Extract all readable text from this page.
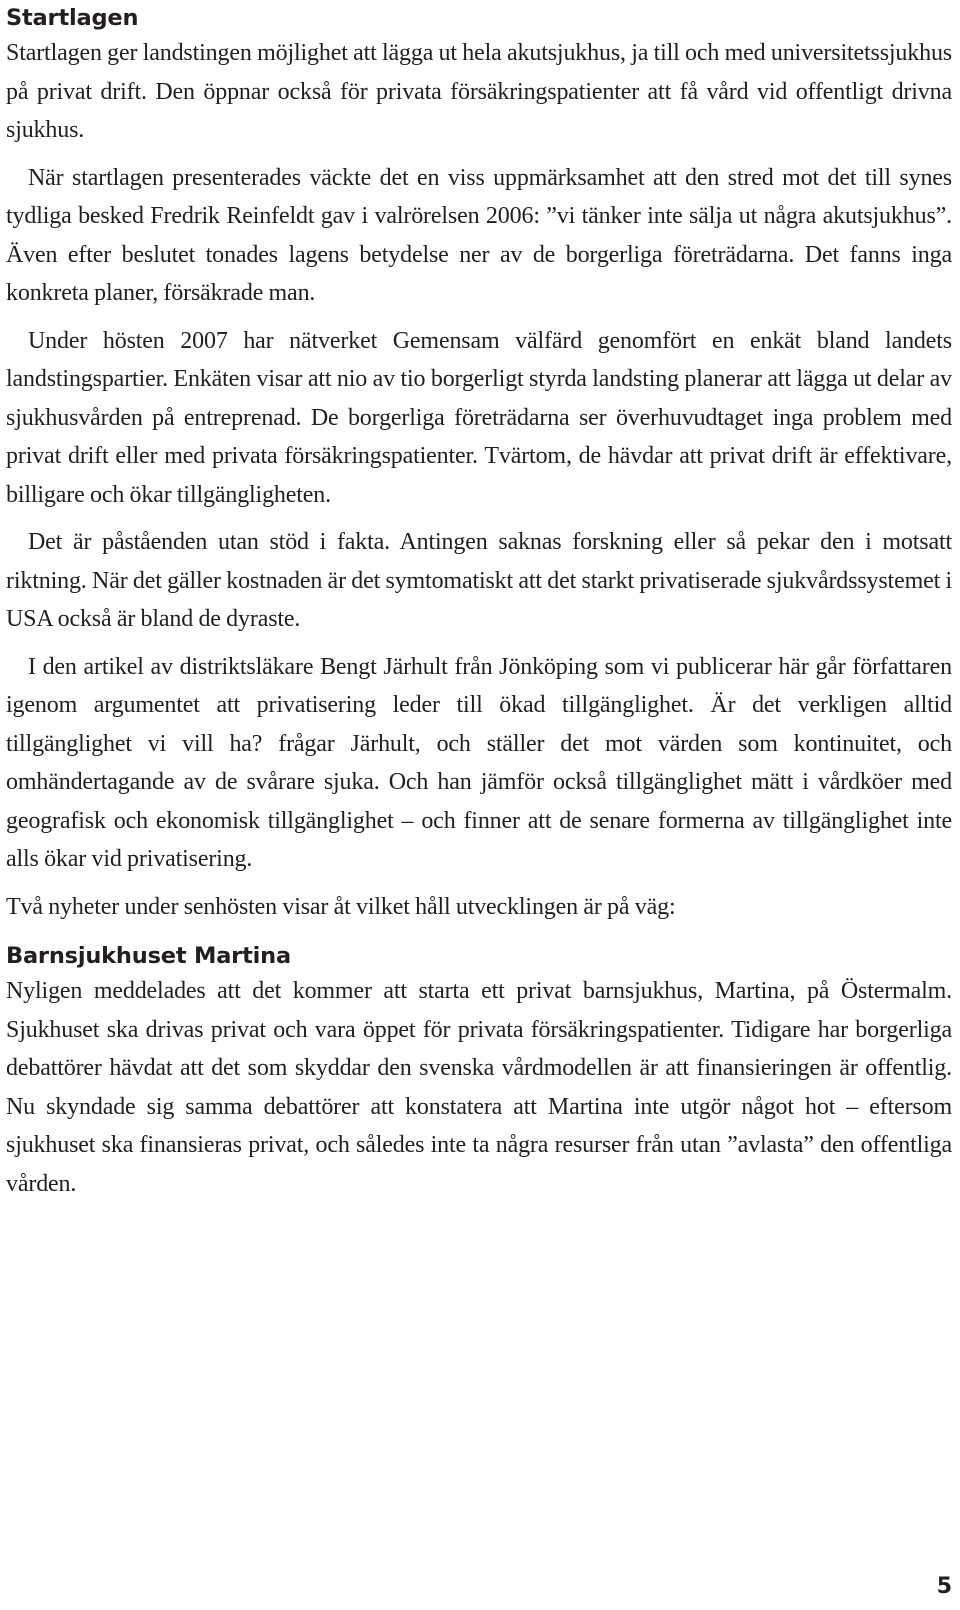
Startlagen

Startlagen ger landstingen möjlighet att lägga ut hela akutsjukhus, ja till och med universitetssjukhus på privat drift. Den öppnar också för privata försäkringspatienter att få vård vid offentligt drivna sjukhus.

När startlagen presenterades väckte det en viss uppmärksamhet att den stred mot det till synes tydliga besked Fredrik Reinfeldt gav i valrörelsen 2006: ”vi tänker inte sälja ut några akutsjukhus”. Även efter beslutet tonades lagens betydelse ner av de borgerliga företrädarna. Det fanns inga konkreta planer, försäkrade man.

Under hösten 2007 har nätverket Gemensam välfärd genomfört en enkät bland landets landstingspartier. Enkäten visar att nio av tio borgerligt styrda landsting planerar att lägga ut delar av sjukhusvården på entreprenad. De borgerliga företrädarna ser överhuvudtaget inga problem med privat drift eller med privata försäkringspatienter. Tvärtom, de hävdar att privat drift är effektivare, billigare och ökar tillgängligheten.

Det är påståenden utan stöd i fakta. Antingen saknas forskning eller så pekar den i motsatt riktning. När det gäller kostnaden är det symtomatiskt att det starkt privatiserade sjukvårdssystemet i USA också är bland de dyraste.

I den artikel av distriktsläkare Bengt Järhult från Jönköping som vi publicerar här går författaren igenom argumentet att privatisering leder till ökad tillgänglighet. Är det verkligen alltid tillgänglighet vi vill ha? frågar Järhult, och ställer det mot värden som kontinuitet, och omhändertagande av de svårare sjuka. Och han jämför också tillgänglighet mätt i vårdköer med geografisk och ekonomisk tillgänglighet – och finner att de senare formerna av tillgänglighet inte alls ökar vid privatisering.

Två nyheter under senhösten visar åt vilket håll utvecklingen är på väg:

Barnsjukhuset Martina

Nyligen meddelades att det kommer att starta ett privat barnsjukhus, Martina, på Östermalm. Sjukhuset ska drivas privat och vara öppet för privata försäkringspatienter. Tidigare har borgerliga debattörer hävdat att det som skyddar den svenska vårdmodellen är att finansieringen är offentlig. Nu skyndade sig samma debattörer att konstatera att Martina inte utgör något hot – eftersom sjukhuset ska finansieras privat, och således inte ta några resurser från utan ”avlasta” den offentliga vården.

5
